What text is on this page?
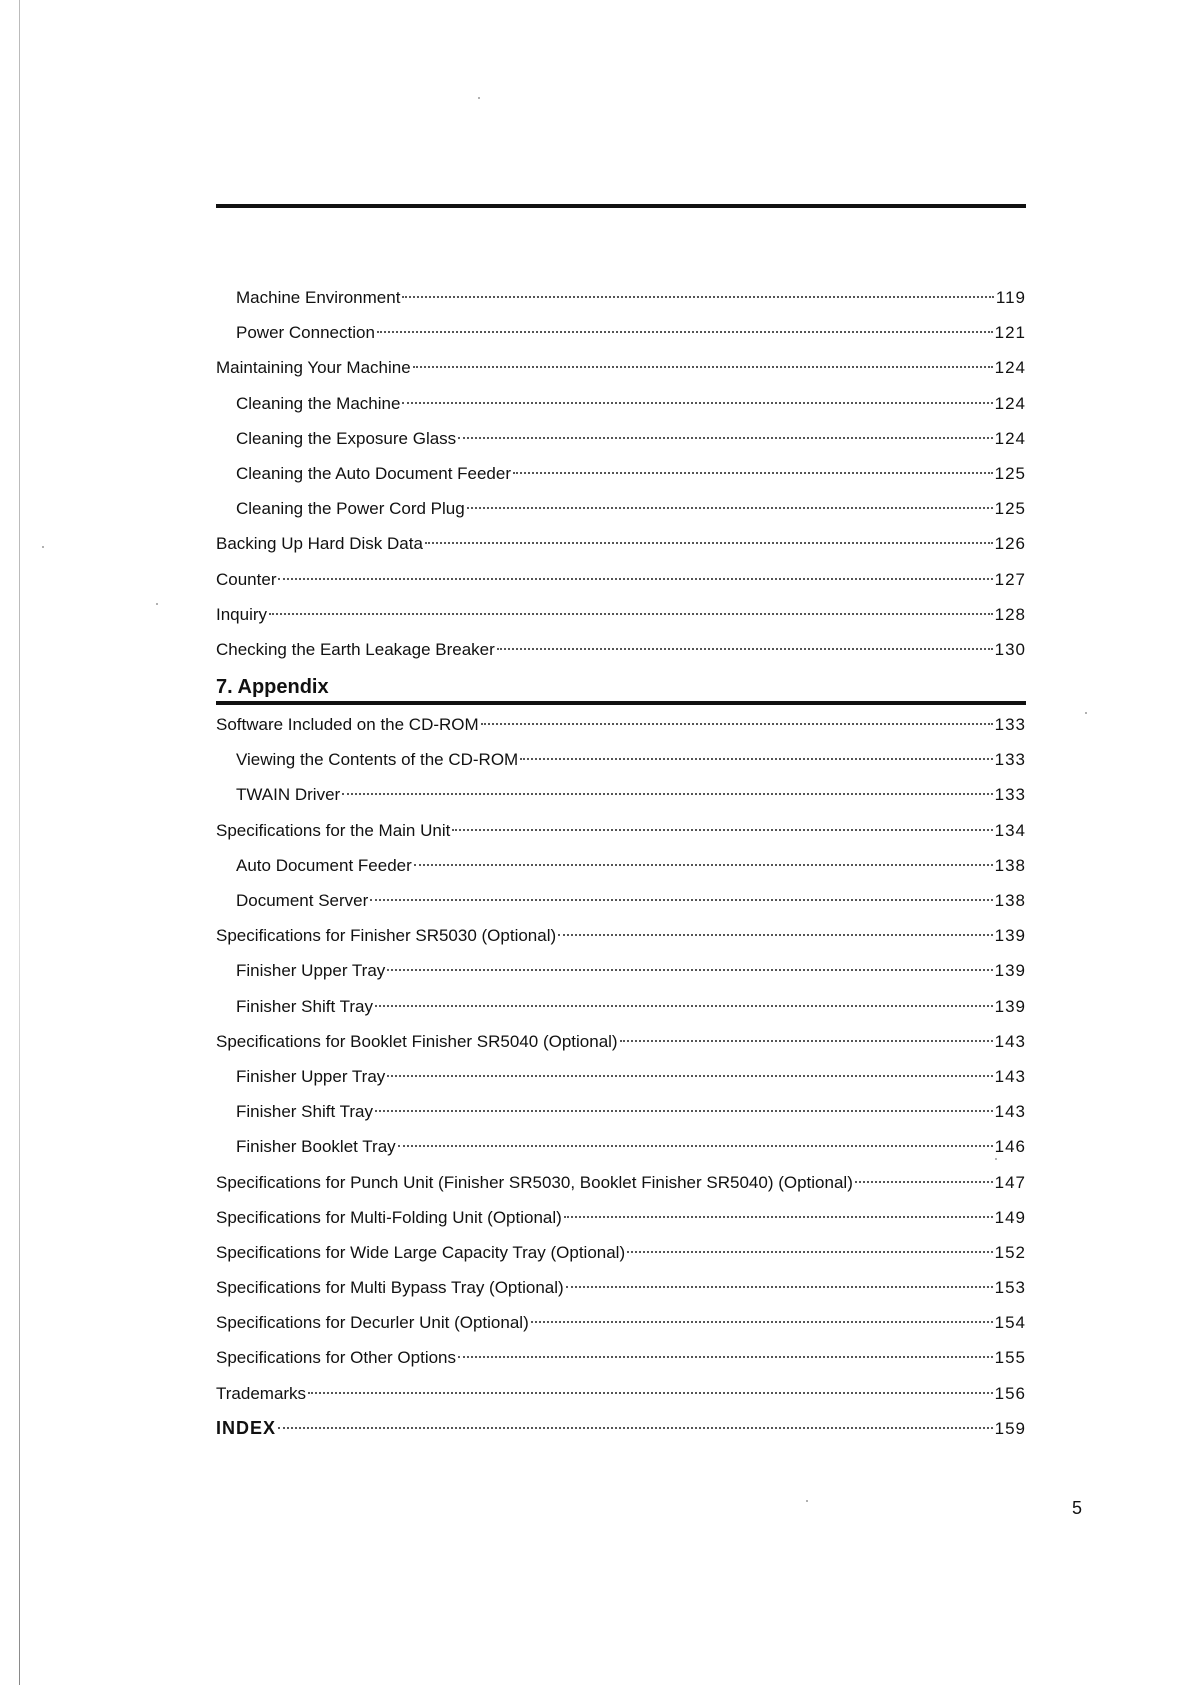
Machine Environment	119
Power Connection	121
Maintaining Your Machine	124
Cleaning the Machine	124
Cleaning the Exposure Glass	124
Cleaning the Auto Document Feeder	125
Cleaning the Power Cord Plug	125
Backing Up Hard Disk Data	126
Counter	127
Inquiry	128
Checking the Earth Leakage Breaker	130
7. Appendix
Software Included on the CD-ROM	133
Viewing the Contents of the CD-ROM	133
TWAIN Driver	133
Specifications for the Main Unit	134
Auto Document Feeder	138
Document Server	138
Specifications for Finisher SR5030 (Optional)	139
Finisher Upper Tray	139
Finisher Shift Tray	139
Specifications for Booklet Finisher SR5040 (Optional)	143
Finisher Upper Tray	143
Finisher Shift Tray	143
Finisher Booklet Tray	146
Specifications for Punch Unit (Finisher SR5030, Booklet Finisher SR5040) (Optional)	147
Specifications for Multi-Folding Unit (Optional)	149
Specifications for Wide Large Capacity Tray (Optional)	152
Specifications for Multi Bypass Tray (Optional)	153
Specifications for Decurler Unit (Optional)	154
Specifications for Other Options	155
Trademarks	156
INDEX	159
5
